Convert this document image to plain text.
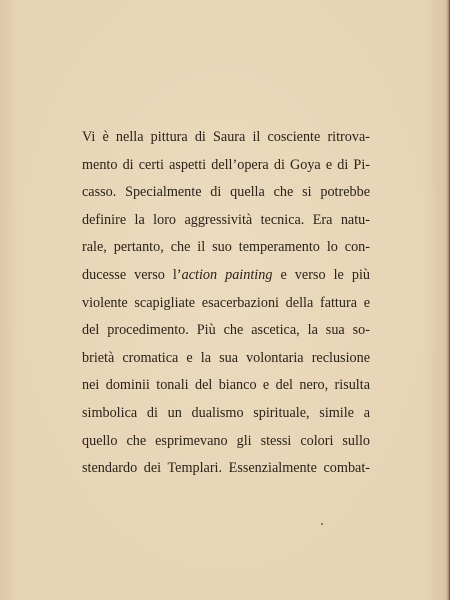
Vi è nella pittura di Saura il cosciente ritrova-
mento di certi aspetti dell’opera di Goya e di Pi-
casso. Specialmente di quella che si potrebbe
definire la loro aggressività tecnica. Era natu-
rale, pertanto, che il suo temperamento lo con-
ducesse verso l’action painting e verso le più
violente scapigliate esacerbazioni della fattura e
del procedimento. Più che ascetica, la sua so-
brietà cromatica e la sua volontaria reclusione
nei dominii tonali del bianco e del nero, risulta
simbolica di un dualismo spirituale, simile a
quello che esprimevano gli stessi colori sullo
stendardo dei Templari. Essenzialmente combat-
